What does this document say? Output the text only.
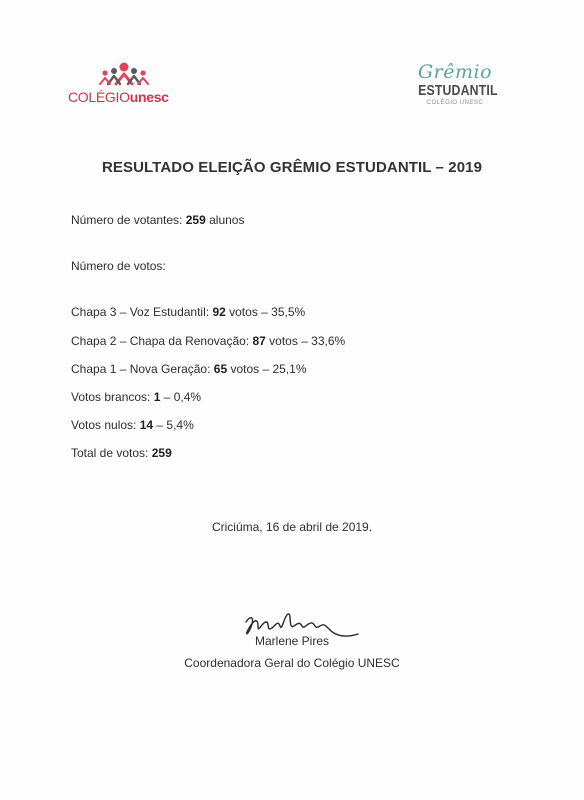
COLÉGIOunesc
Grêmio
ESTUDANTIL
COLÉGIO UNESC
RESULTADO ELEIÇÃO GRÊMIO ESTUDANTIL – 2019
Número de votantes: 259 alunos
Número de votos:
Chapa 3 – Voz Estudantil: 92 votos – 35,5%
Chapa 2 – Chapa da Renovação: 87 votos – 33,6%
Chapa 1 – Nova Geração: 65 votos – 25,1%
Votos brancos: 1 – 0,4%
Votos nulos: 14 – 5,4%
Total de votos: 259
Criciúma, 16 de abril de 2019.
Marlene Pires
Coordenadora Geral do Colégio UNESC
